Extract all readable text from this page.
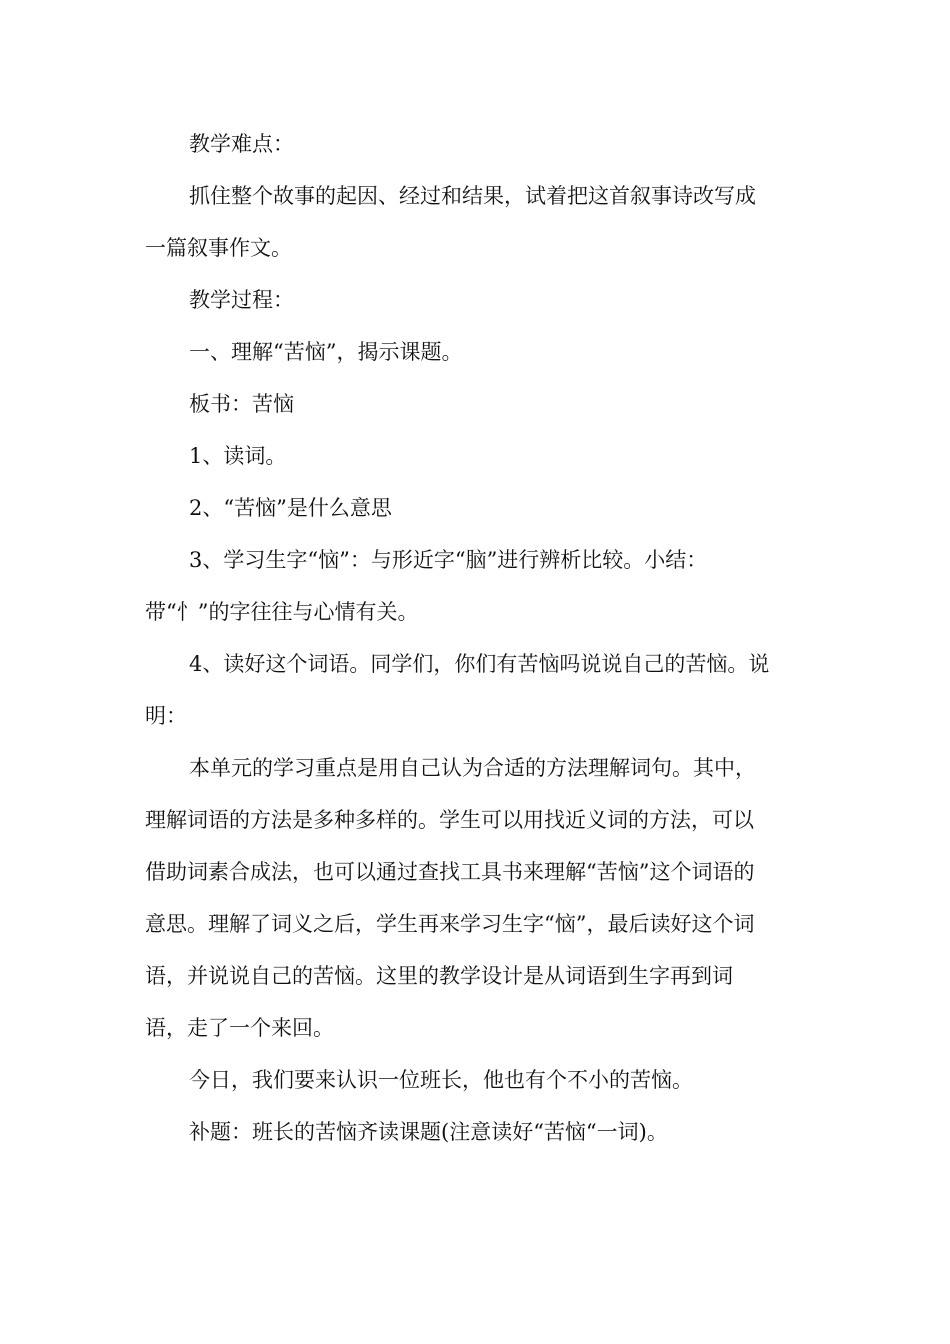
教学难点：
抓住整个故事的起因、经过和结果，试着把这首叙事诗改写成
一篇叙事作文。
教学过程：
一、理解“苦恼”，揭示课题。
板书：苦恼
1、读词。
2、“苦恼”是什么意思
3、学习生字“恼”：与形近字“脑”进行辨析比较。小结：
带“忄”的字往往与心情有关。
4、读好这个词语。同学们，你们有苦恼吗说说自己的苦恼。说
明：
本单元的学习重点是用自己认为合适的方法理解词句。其中，
理解词语的方法是多种多样的。学生可以用找近义词的方法，可以
借助词素合成法，也可以通过查找工具书来理解“苦恼”这个词语的
意思。理解了词义之后，学生再来学习生字“恼”，最后读好这个词
语，并说说自己的苦恼。这里的教学设计是从词语到生字再到词
语，走了一个来回。
今日，我们要来认识一位班长，他也有个不小的苦恼。
补题：班长的苦恼齐读课题(注意读好“苦恼“一词)。
